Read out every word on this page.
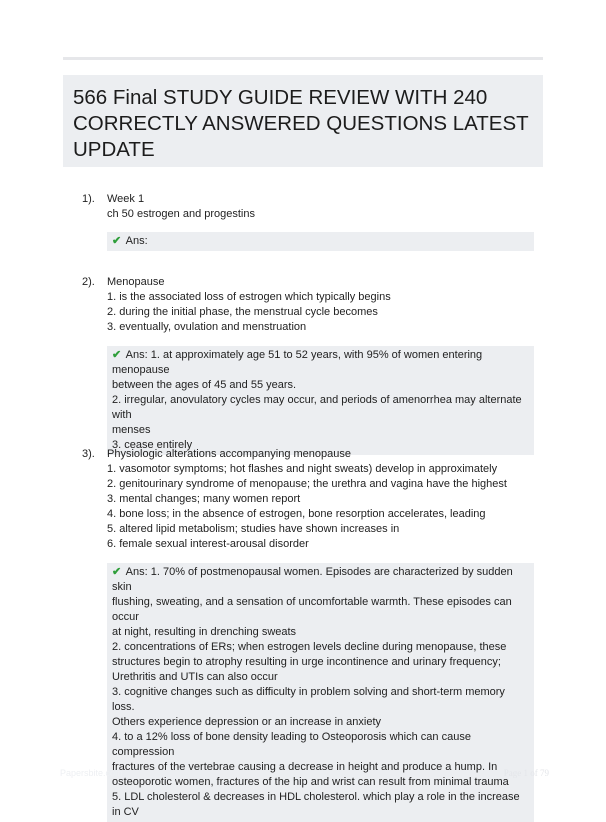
566 Final STUDY GUIDE REVIEW WITH 240
CORRECTLY ANSWERED QUESTIONS LATEST
UPDATE
1).	Week 1
ch 50 estrogen and progestins
✔ Ans:
2).	Menopause
1. is the associated loss of estrogen which typically begins
2. during the initial phase, the menstrual cycle becomes
3. eventually, ovulation and menstruation
✔ Ans: 1. at approximately age 51 to 52 years, with 95% of women entering menopause
between the ages of 45 and 55 years.
2. irregular, anovulatory cycles may occur, and periods of amenorrhea may alternate with
menses
3. cease entirely
3).	Physiologic alterations accompanying menopause
1. vasomotor symptoms; hot flashes and night sweats) develop in approximately
2. genitourinary syndrome of menopause; the urethra and vagina have the highest
3. mental changes; many women report
4. bone loss; in the absence of estrogen, bone resorption accelerates, leading
5. altered lipid metabolism; studies have shown increases in
6. female sexual interest-arousal disorder
✔ Ans: 1. 70% of postmenopausal women. Episodes are characterized by sudden skin
flushing, sweating, and a sensation of uncomfortable warmth. These episodes can occur
at night, resulting in drenching sweats
2. concentrations of ERs; when estrogen levels decline during menopause, these
structures begin to atrophy resulting in urge incontinence and urinary frequency;
Urethritis and UTIs can also occur
3. cognitive changes such as difficulty in problem solving and short-term memory loss.
Others experience depression or an increase in anxiety
4. to a 12% loss of bone density leading to Osteoporosis which can cause compression
fractures of the vertebrae causing a decrease in height and produce a hump. In
osteoporotic women, fractures of the hip and wrist can result from minimal trauma
5. LDL cholesterol & decreases in HDL cholesterol. which play a role in the increase in CV
Papersbite.com	Page 1 of 79
